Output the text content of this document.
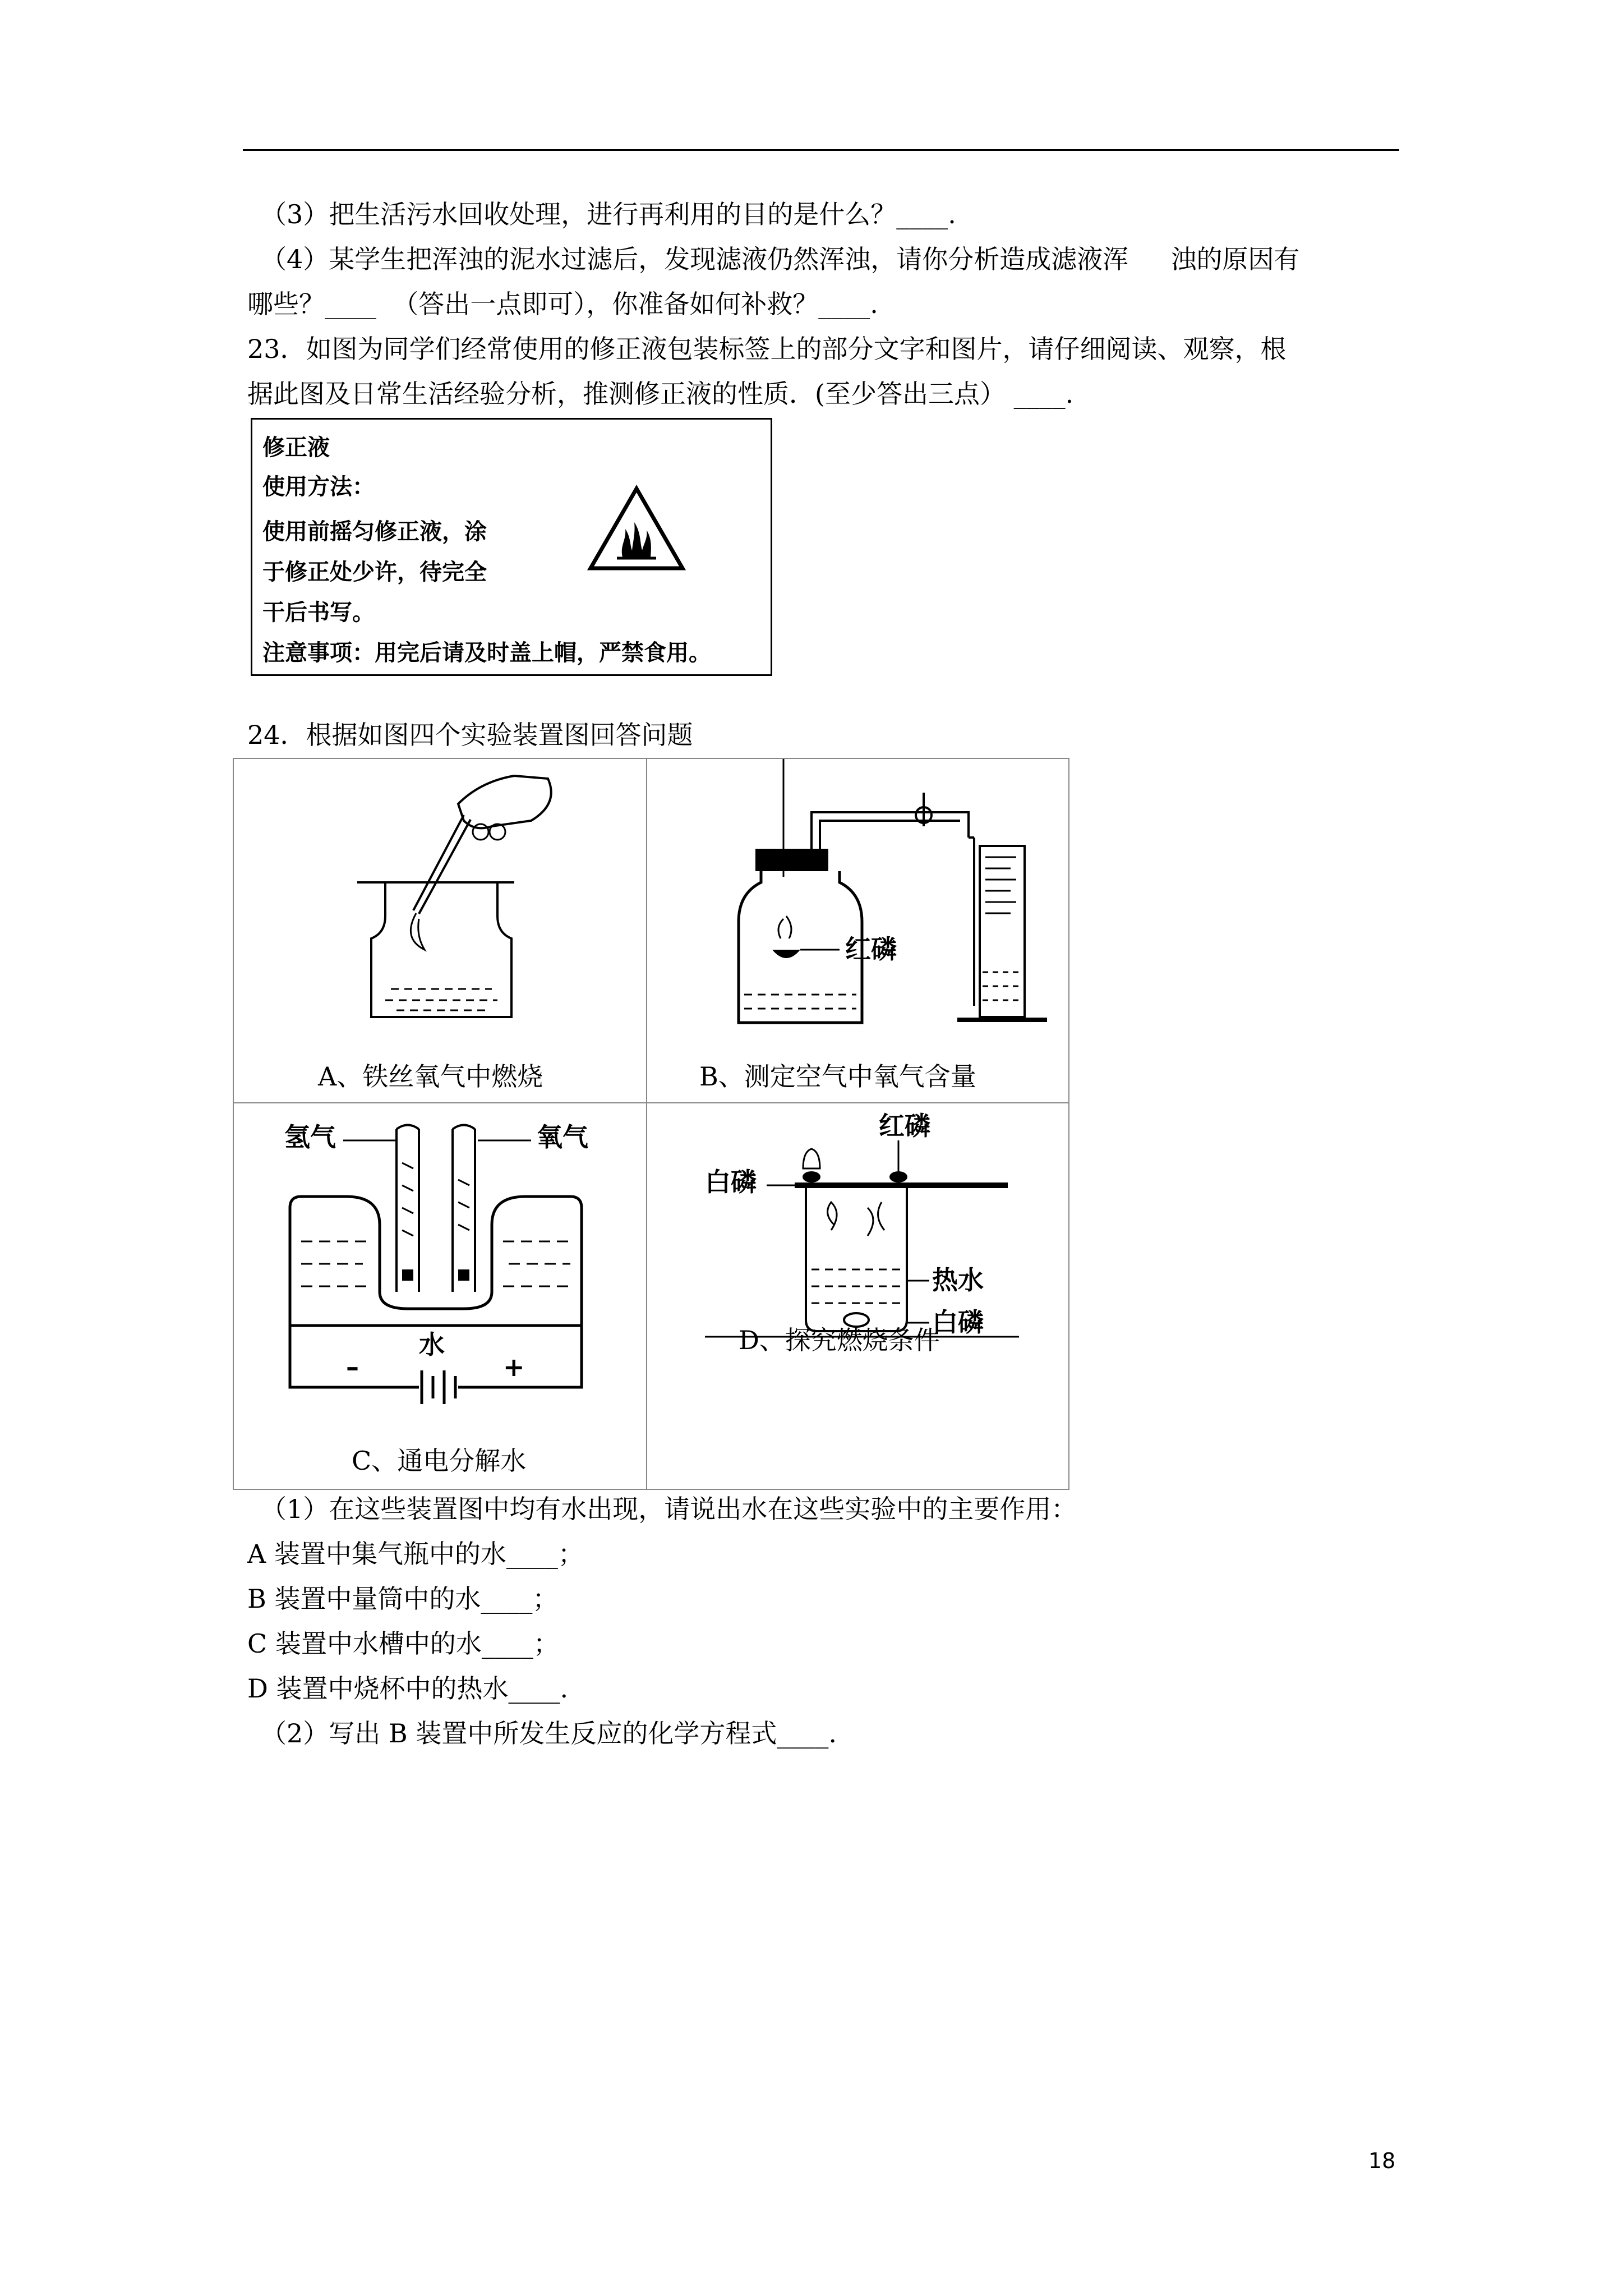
（3）把生活污水回收处理，进行再利用的目的是什么？____.
（4）某学生把浑浊的泥水过滤后，发现滤液仍然浑浊，请你分析造成滤液浑　  浊的原因有
哪些？____  （答出一点即可），你准备如何补救？____.
23．如图为同学们经常使用的修正液包装标签上的部分文字和图片，请仔细阅读、观察，根
据此图及日常生活经验分析，推测修正液的性质．(至少答出三点） ____.
修正液
使用方法：
使用前摇匀修正液，涂
于修正处少许，待完全
干后书写。
注意事项：用完后请及时盖上帽，严禁食用。
24．根据如图四个实验装置图回答问题
A、铁丝氧气中燃烧
红磷
B、测定空气中氧气含量
氢气	氧气
水
–	+
C、通电分解水
红磷
白磷
热水
白磷
D、探究燃烧条件
（1）在这些装置图中均有水出现，请说出水在这些实验中的主要作用：
A 装置中集气瓶中的水____；
B 装置中量筒中的水____；
C 装置中水槽中的水____；
D 装置中烧杯中的热水____.
（2）写出 B 装置中所发生反应的化学方程式____.
18
